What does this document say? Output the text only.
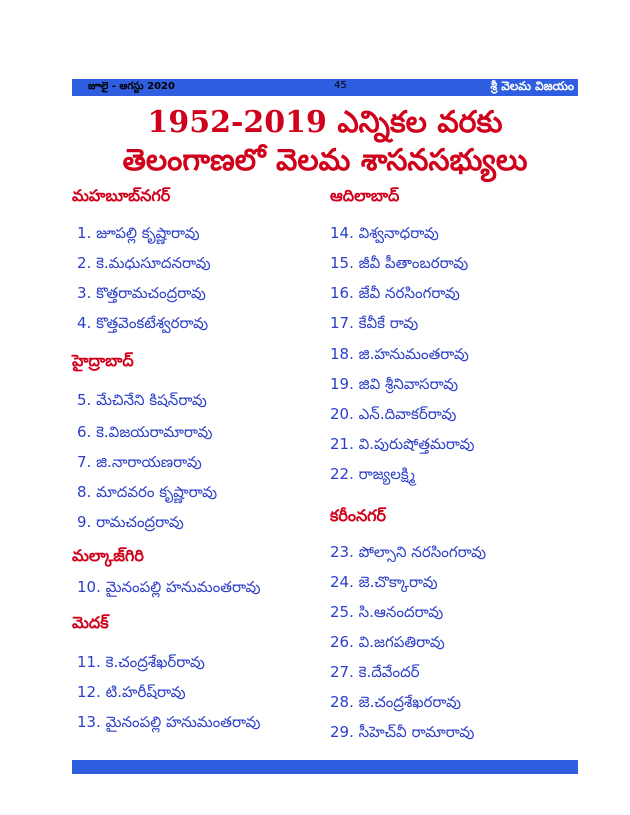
జూలై - ఆగస్టు 2020	45	శ్రీ వెలమ విజయం
1952-2019 ఎన్నికల వరకు
తెలంగాణలో వెలమ శాసనసభ్యులు
మహబూబ్‌నగర్
1. జూపల్లి కృష్ణారావు
2. కె.మధుసూదనరావు
3. కొత్తరామచంద్రరావు
4. కొత్తవెంకటేశ్వరరావు
హైద్రాబాద్
5. మేచినేని కిషన్‌రావు
6. కె.విజయరామారావు
7. జి.నారాయణరావు
8. మాదవరం కృష్ణారావు
9. రామచంద్రరావు
మల్కాజ్‌గిరి
10. మైనంపల్లి హనుమంతరావు
మెదక్
11. కె.చంద్రశేఖర్‌రావు
12. టి.హరీష్‌రావు
13. మైనంపల్లి హనుమంతరావు
ఆదిలాబాద్
14. విశ్వనాధరావు
15. జీవీ పీతాంబరరావు
16. జేవీ నరసింగరావు
17. కేవీకే రావు
18. జి.హనుమంతరావు
19. జివి శ్రీనివాసరావు
20. ఎన్.దివాకర్‌రావు
21. వి.పురుషోత్తమరావు
22. రాజ్యలక్ష్మి
కరీంనగర్
23. పోల్సాని నరసింగరావు
24. జె.చొక్కారావు
25. సి.ఆనందరావు
26. వి.జగపతిరావు
27. కె.దేవేందర్
28. జె.చంద్రశేఖరరావు
29. సీహెచ్‌వీ రామారావు
